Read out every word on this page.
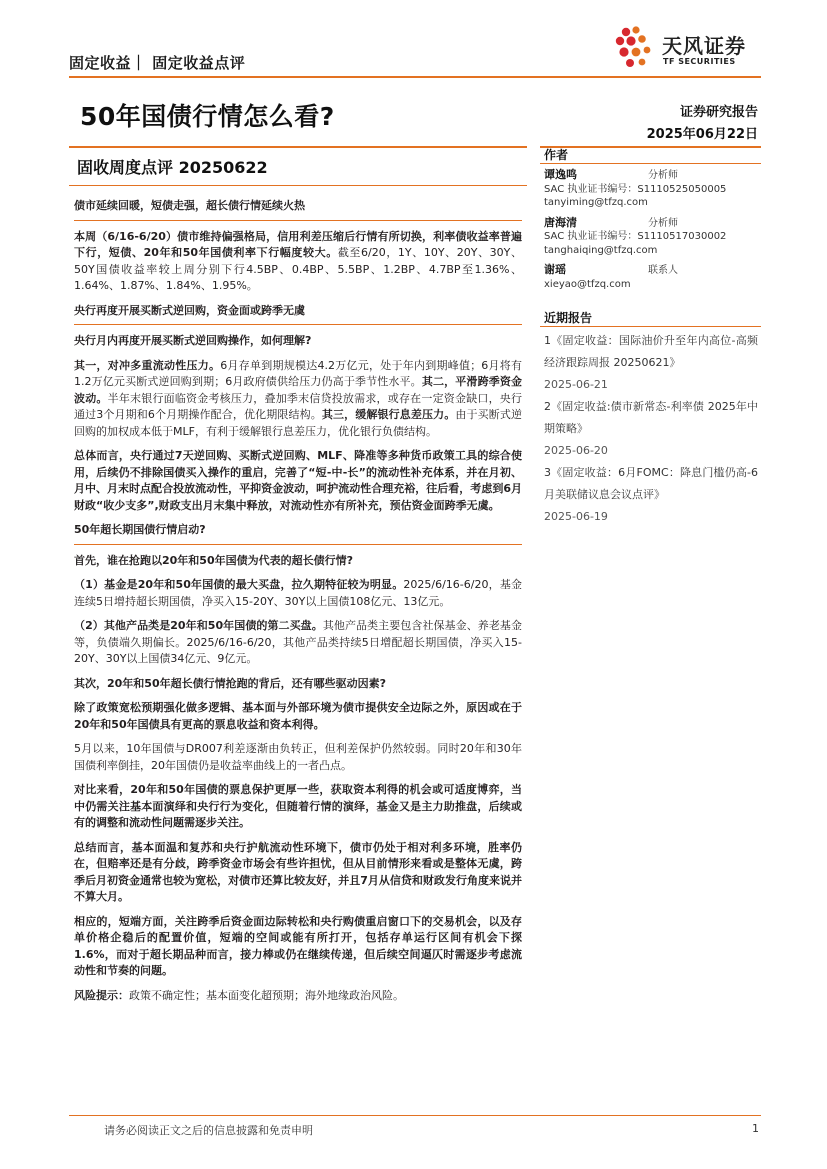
固定收益｜ 固定收益点评
天风证券
TF SECURITIES
50年国债行情怎么看?	证券研究报告
2025年06月22日
固收周度点评 20250622
作者
谭逸鸣	分析师
SAC 执业证书编号：S1110525050005
tanyiming@tfzq.com
唐海清	分析师
SAC 执业证书编号：S1110517030002
tanghaiqing@tfzq.com
谢瑶	联系人
xieyao@tfzq.com
近期报告

1《固定收益：国际油价升至年内高位-高频经济跟踪周报 20250621》

2025-06-21

2《固定收益:债市新常态-利率债 2025年中期策略》

2025-06-20

3《固定收益：6月FOMC：降息门槛仍高-6月美联储议息会议点评》

2025-06-19

债市延续回暖，短债走强，超长债行情延续火热

本周（6/16-6/20）债市维持偏强格局，信用利差压缩后行情有所切换，利率债收益率普遍下行，短债、20年和50年国债利率下行幅度较大。截至6/20，1Y、10Y、20Y、30Y、50Y国债收益率较上周分别下行4.5BP、0.4BP、5.5BP、1.2BP、4.7BP至1.36%、1.64%、1.87%、1.84%、1.95%。

央行再度开展买断式逆回购，资金面或跨季无虞

央行月内再度开展买断式逆回购操作，如何理解?

其一，对冲多重流动性压力。6月存单到期规模达4.2万亿元，处于年内到期峰值；6月将有1.2万亿元买断式逆回购到期；6月政府债供给压力仍高于季节性水平。其二，平滑跨季资金波动。半年末银行面临资金考核压力，叠加季末信贷投放需求，或存在一定资金缺口，央行通过3个月期和6个月期操作配合，优化期限结构。其三，缓解银行息差压力。由于买断式逆回购的加权成本低于MLF，有利于缓解银行息差压力，优化银行负债结构。

总体而言，央行通过7天逆回购、买断式逆回购、MLF、降准等多种货币政策工具的综合使用，后续仍不排除国债买入操作的重启，完善了“短-中-长”的流动性补充体系，并在月初、月中、月末时点配合投放流动性，平抑资金波动，呵护流动性合理充裕，往后看，考虑到6月财政“收少支多”,财政支出月末集中释放，对流动性亦有所补充，预估资金面跨季无虞。

50年超长期国债行情启动?

首先，谁在抢跑以20年和50年国债为代表的超长债行情?

（1）基金是20年和50年国债的最大买盘，拉久期特征较为明显。2025/6/16-6/20，基金连续5日增持超长期国债，净买入15-20Y、30Y以上国债108亿元、13亿元。

（2）其他产品类是20年和50年国债的第二买盘。其他产品类主要包含社保基金、养老基金等，负债端久期偏长。2025/6/16-6/20，其他产品类持续5日增配超长期国债，净买入15-20Y、30Y以上国债34亿元、9亿元。

其次，20年和50年超长债行情抢跑的背后，还有哪些驱动因素?

除了政策宽松预期强化做多逻辑、基本面与外部环境为债市提供安全边际之外，原因或在于20年和50年国债具有更高的票息收益和资本利得。

5月以来，10年国债与DR007利差逐渐由负转正，但利差保护仍然较弱。同时20年和30年国债利率倒挂，20年国债仍是收益率曲线上的一者凸点。

对比来看，20年和50年国债的票息保护更厚一些，获取资本利得的机会或可适度博弈，当中仍需关注基本面演绎和央行行为变化，但随着行情的演绎，基金又是主力助推盘，后续或有的调整和流动性问题需逐步关注。

总结而言，基本面温和复苏和央行护航流动性环境下，债市仍处于相对利多环境，胜率仍在，但赔率还是有分歧，跨季资金市场会有些许担忧，但从目前情形来看或是整体无虞，跨季后月初资金通常也较为宽松，对债市还算比较友好，并且7月从信贷和财政发行角度来说并不算大月。

相应的，短端方面，关注跨季后资金面边际转松和央行购债重启窗口下的交易机会，以及存单价格企稳后的配置价值，短端的空间或能有所打开，包括存单运行区间有机会下探1.6%，而对于超长期品种而言，接力棒或仍在继续传递，但后续空间逼仄时需逐步考虑流动性和节奏的问题。

风险提示：政策不确定性；基本面变化超预期；海外地缘政治风险。

请务必阅读正文之后的信息披露和免责申明	1
